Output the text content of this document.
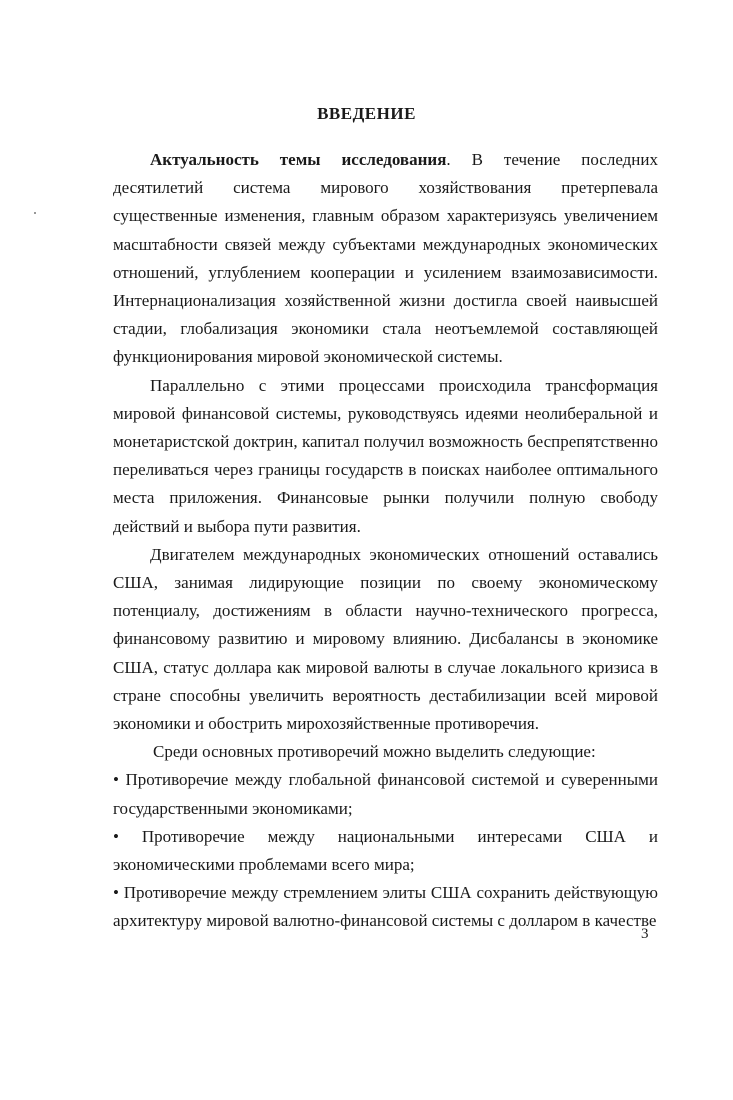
ВВЕДЕНИЕ

Актуальность темы исследования. В течение последних десятилетий система мирового хозяйствования претерпевала существенные изменения, главным образом характеризуясь увеличением масштабности связей между субъектами международных экономических отношений, углублением кооперации и усилением взаимозависимости. Интернационализация хозяйственной жизни достигла своей наивысшей стадии, глобализация экономики стала неотъемлемой составляющей функционирования мировой экономической системы.

Параллельно с этими процессами происходила трансформация мировой финансовой системы, руководствуясь идеями неолиберальной и монетаристской доктрин, капитал получил возможность беспрепятственно переливаться через границы государств в поисках наиболее оптимального места приложения. Финансовые рынки получили полную свободу действий и выбора пути развития.

Двигателем международных экономических отношений оставались США, занимая лидирующие позиции по своему экономическому потенциалу, достижениям в области научно-технического прогресса, финансовому развитию и мировому влиянию. Дисбалансы в экономике США, статус доллара как мировой валюты в случае локального кризиса в стране способны увеличить вероятность дестабилизации всей мировой экономики и обострить мирохозяйственные противоречия.

Среди основных противоречий можно выделить следующие:

• Противоречие между глобальной финансовой системой и суверенными государственными экономиками;

• Противоречие между национальными интересами США и экономическими проблемами всего мира;

• Противоречие между стремлением элиты США сохранить действующую архитектуру мировой валютно-финансовой системы с долларом в качестве

3
